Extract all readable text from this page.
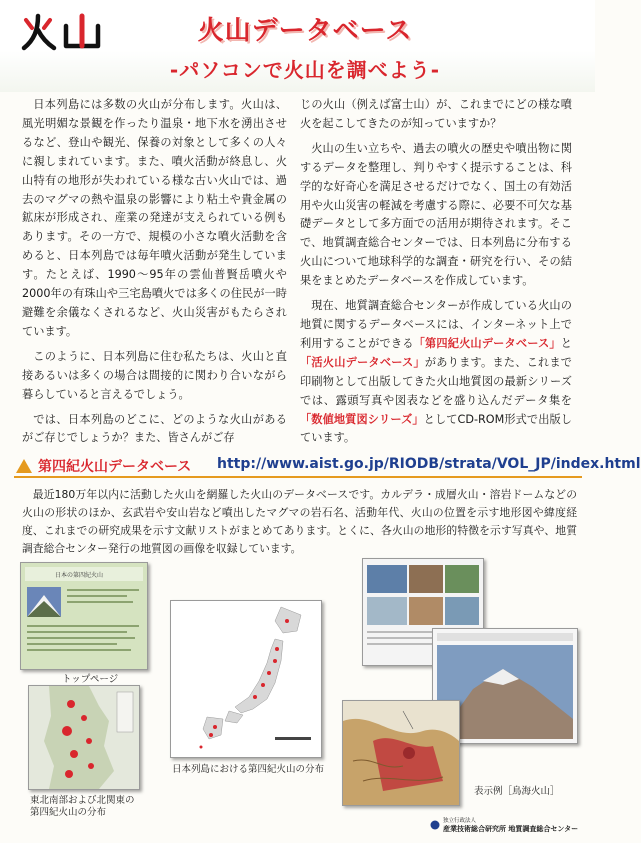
火山データベース
-パソコンで火山を調べよう-

日本列島には多数の火山が分布します。火山は、風光明媚な景観を作ったり温泉・地下水を湧出させるなど、登山や観光、保養の対象として多くの人々に親しまれています。また、噴火活動が終息し、火山特有の地形が失われている様な古い火山では、過去のマグマの熱や温泉の影響により粘土や貴金属の鉱床が形成され、産業の発達が支えられている例もあります。その一方で、規模の小さな噴火活動を含めると、日本列島では毎年噴火活動が発生しています。たとえば、1990～95年の雲仙普賢岳噴火や2000年の有珠山や三宅島噴火では多くの住民が一時避難を余儀なくされるなど、火山災害がもたらされています。

このように、日本列島に住む私たちは、火山と直接あるいは多くの場合は間接的に関わり合いながら暮らしていると言えるでしょう。

では、日本列島のどこに、どのような火山があるがご存じでしょうか？また、皆さんがご存

じの火山（例えば富士山）が、これまでにどの様な噴火を起こしてきたのが知っていますか？

火山の生い立ちや、過去の噴火の歴史や噴出物に関するデータを整理し、判りやすく提示することは、科学的な好奇心を満足させるだけでなく、国土の有効活用や火山災害の軽減を考慮する際に、必要不可欠な基礎データとして多方面での活用が期待されます。そこで、地質調査総合センターでは、日本列島に分布する火山について地球科学的な調査・研究を行い、その結果をまとめたデータベースを作成しています。

現在、地質調査総合センターが作成している火山の地質に関するデータベースには、インターネット上で利用することができる「第四紀火山データベース」と「活火山データベース」があります。また、これまで印刷物として出版してきた火山地質図の最新シリーズでは、露頭写真や図表などを盛り込んだデータ集を「数値地質図シリーズ」としてCD-ROM形式で出版しています。

第四紀火山データベース http://www.aist.go.jp/RIODB/strata/VOL_JP/index.html
最近180万年以内に活動した火山を網羅した火山のデータベースです。カルデラ・成層火山・溶岩ドームなどの火山の形状のほか、玄武岩や安山岩など噴出したマグマの岩石名、活動年代、火山の位置を示す地形図や緯度経度、これまでの研究成果を示す文献リストがまとめてあります。とくに、各火山の地形的特徴を示す写真や、地質調査総合センター発行の地質図の画像を収録しています。
日本の第四紀火山
トップページ
東北南部および北関東の
第四紀火山の分布
日本列島における第四紀火山の分布
表示例［鳥海火山］
独立行政法人
産業技術総合研究所 地質調査総合センター
